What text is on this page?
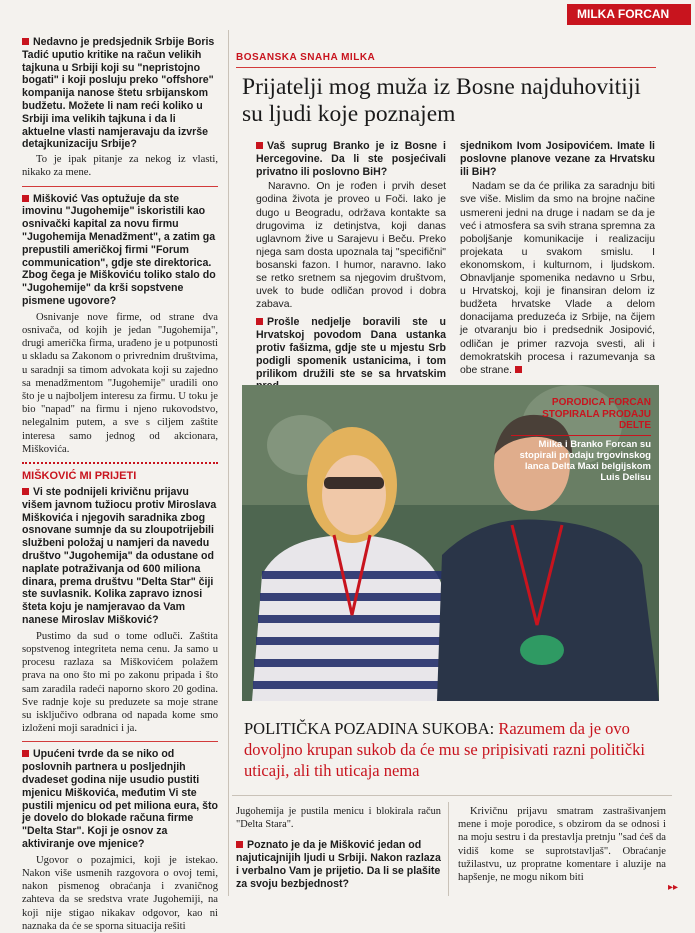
MILKA FORCAN
Nedavno je predsjednik Srbije Boris Tadić uputio kritike na račun velikih tajkuna u Srbiji koji su "nepristojno bogati" i koji posluju preko "offshore" kompanija nanose štetu srbijanskom budžetu. Možete li nam reći koliko u Srbiji ima velikih tajkuna i da li aktuelne vlasti namjeravaju da izvrše detajkunizaciju Srbije?
To je ipak pitanje za nekog iz vlasti, nikako za mene.
Mišković Vas optužuje da ste imovinu "Jugohemije" iskoristili kao osnivački kapital za novu firmu "Jugohemija Menadžment", a zatim ga prepustili američkoj firmi "Forum communication", gdje ste direktorica. Zbog čega je Miškoviću toliko stalo do "Jugohemije" da krši sopstvene pismene ugovore?
Osnivanje nove firme, od strane dva osnivača, od kojih je jedan "Jugohemija", drugi američka firma, urađeno je u potpunosti u skladu sa Zakonom o privrednim društvima, u saradnji sa timom advokata koji su zajedno sa menadžmentom "Jugohemije" uradili ono što je u najboljem interesu za firmu. U toku je bio "napad" na firmu i njeno rukovodstvo, nelegalnim putem, a sve s ciljem zaštite interesa samo jednog od akcionara, Miškovića.
MIŠKOVIĆ MI PRIJETI
Vi ste podnijeli krivičnu prijavu višem javnom tužiocu protiv Miroslava Miškovića i njegovih saradnika zbog osnovane sumnje da su zloupotrijebili službeni položaj u namjeri da navedu društvo "Jugohemija" da odustane od naplate potraživanja od 600 miliona dinara, prema društvu "Delta Star" čiji ste suvlasnik. Kolika zapravo iznosi šteta koju je namjeravao da Vam nanese Miroslav Mišković?
Pustimo da sud o tome odluči. Zaštita sopstvenog integriteta nema cenu. Ja samo u procesu razlaza sa Miškovićem polažem prava na ono što mi po zakonu pripada i što sam zaradila radeći naporno skoro 20 godina. Sve radnje koje su preduzete sa moje strane su isključivo odbrana od napada kome smo izloženi moji saradnici i ja.
Upućeni tvrde da se niko od poslovnih partnera u posljednjih dvadeset godina nije usudio pustiti mjenicu Miškovića, međutim Vi ste pustili mjenicu od pet miliona eura, što je dovelo do blokade računa firme "Delta Star". Koji je osnov za aktiviranje ove mjenice?
Ugovor o pozajmici, koji je istekao. Nakon više usmenih razgovora o ovoj temi, nakon pismenog obraćanja i zvaničnog zahteva da se sredstva vrate Jugohemiji, na koji nije stigao nikakav odgovor, kao ni naznaka da će se sporna situacija rešiti
BOSANSKA SNAHA MILKA
Prijatelji mog muža iz Bosne najduhovitiji su ljudi koje poznajem
Vaš suprug Branko je iz Bosne i Hercegovine. Da li ste posjećivali privatno ili poslovno BiH?
Naravno. On je rođen i prvih deset godina života je proveo u Foči. Iako je dugo u Beogradu, održava kontakte sa drugovima iz detinjstva, koji danas uglavnom žive u Sarajevu i Beču. Preko njega sam dosta upoznala taj "specifični" bosanski fazon. I humor, naravno. Iako se retko sretnem sa njegovim društvom, uvek to bude odličan provod i dobra zabava.
Prošle nedjelje boravili ste u Hrvatskoj povodom Dana ustanka protiv fašizma, gdje ste u mjestu Srb podigli spomenik ustanicima, i tom prilikom družili ste se sa hrvatskim
sjednikom Ivom Josipovićem. Imate li poslovne planove vezane za Hrvatsku ili BiH?
Nadam se da će prilika za saradnju biti sve više. Mislim da smo na brojne načine usmereni jedni na druge i nadam se da je već i atmosfera sa svih strana spremna za poboljšanje komunikacije i realizaciju projekata u svakom smislu. I ekonomskom, i kulturnom, i ljudskom. Obnavljanje spomenika nedavno u Srbu, u Hrvatskoj, koji je finansiran delom iz budžeta hrvatske Vlade a delom donacijama preduzeća iz Srbije, na čijem je otvaranju bio i predsednik Josipović, odličan je primer razvoja svesti, ali i demokratskih procesa i razumevanja sa obe strane.
PORODICA FORCAN STOPIRALA PRODAJU DELTE
Milka i Branko Forcan su stopirali prodaju trgovinskog lanca Delta Maxi belgijskom Luis Delisu
POLITIČKA POZADINA SUKOBA: Razumem da je ovo dovoljno krupan sukob da će mu se pripisivati razni politički uticaji, ali tih uticaja nema
Jugohemija je pustila menicu i blokirala račun "Delta Stara".
Poznato je da je Mišković jedan od najuticajnijih ljudi u Srbiji. Nakon razlaza i verbalno Vam je prijetio. Da li se plašite za svoju bezbjednost?
Krivičnu prijavu smatram zastrašivanjem mene i moje porodice, s obzirom da se odnosi i na moju sestru i da prestavlja pretnju "sad ćeš da vidiš kome se suprotstavljaš". Obraćanje tužilastvu, uz propratne komentare i aluzije na hapšenje, ne mogu nikom biti
▸▸
